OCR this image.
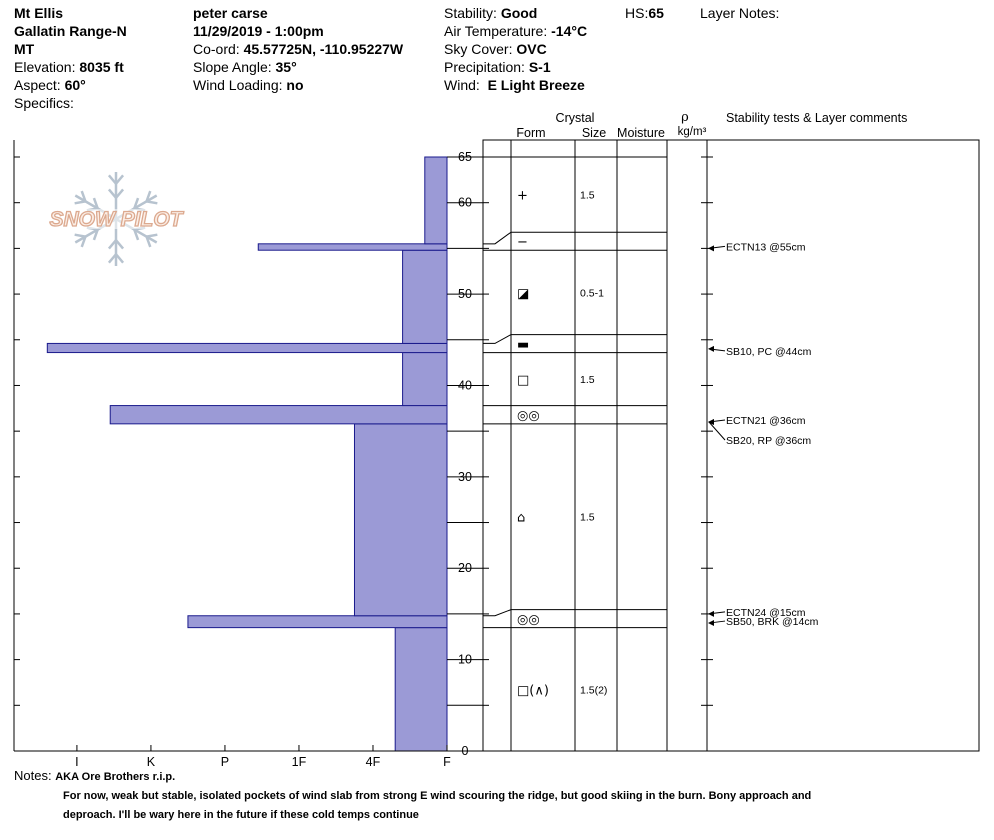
Mt Ellis
Gallatin Range-N
MT
Elevation: 8035 ft
Aspect: 60°
Specifics:
peter carse
11/29/2019 - 1:00pm
Co-ord: 45.57725N, -110.95227W
Slope Angle: 35°
Wind Loading: no
Stability: Good
Air Temperature: -14°C
Sky Cover: OVC
Precipitation: S-1
Wind: E Light Breeze
HS:65	Layer Notes:
SNOW PILOT
I	K	P	1F	4F	F
0
10
20
30
40
50
60
65
□(∧)	1.5(2)
◎◎
⌂	1.5
◎◎
□	1.5
▬
◪	0.5-1
−
+	1.5
ECTN13 @55cm
SB10, PC @44cm
ECTN21 @36cm
SB20, RP @36cm
ECTN24 @15cm
SB50, BRK @14cm
Crystal
Form	Size Moisture
ρ
kg/m³
Stability tests & Layer comments
Notes: AKA Ore Brothers r.i.p.
For now, weak but stable, isolated pockets of wind slab from strong E wind scouring the ridge, but good skiing in the burn. Bony approach and
deproach. I'll be wary here in the future if these cold temps continue
